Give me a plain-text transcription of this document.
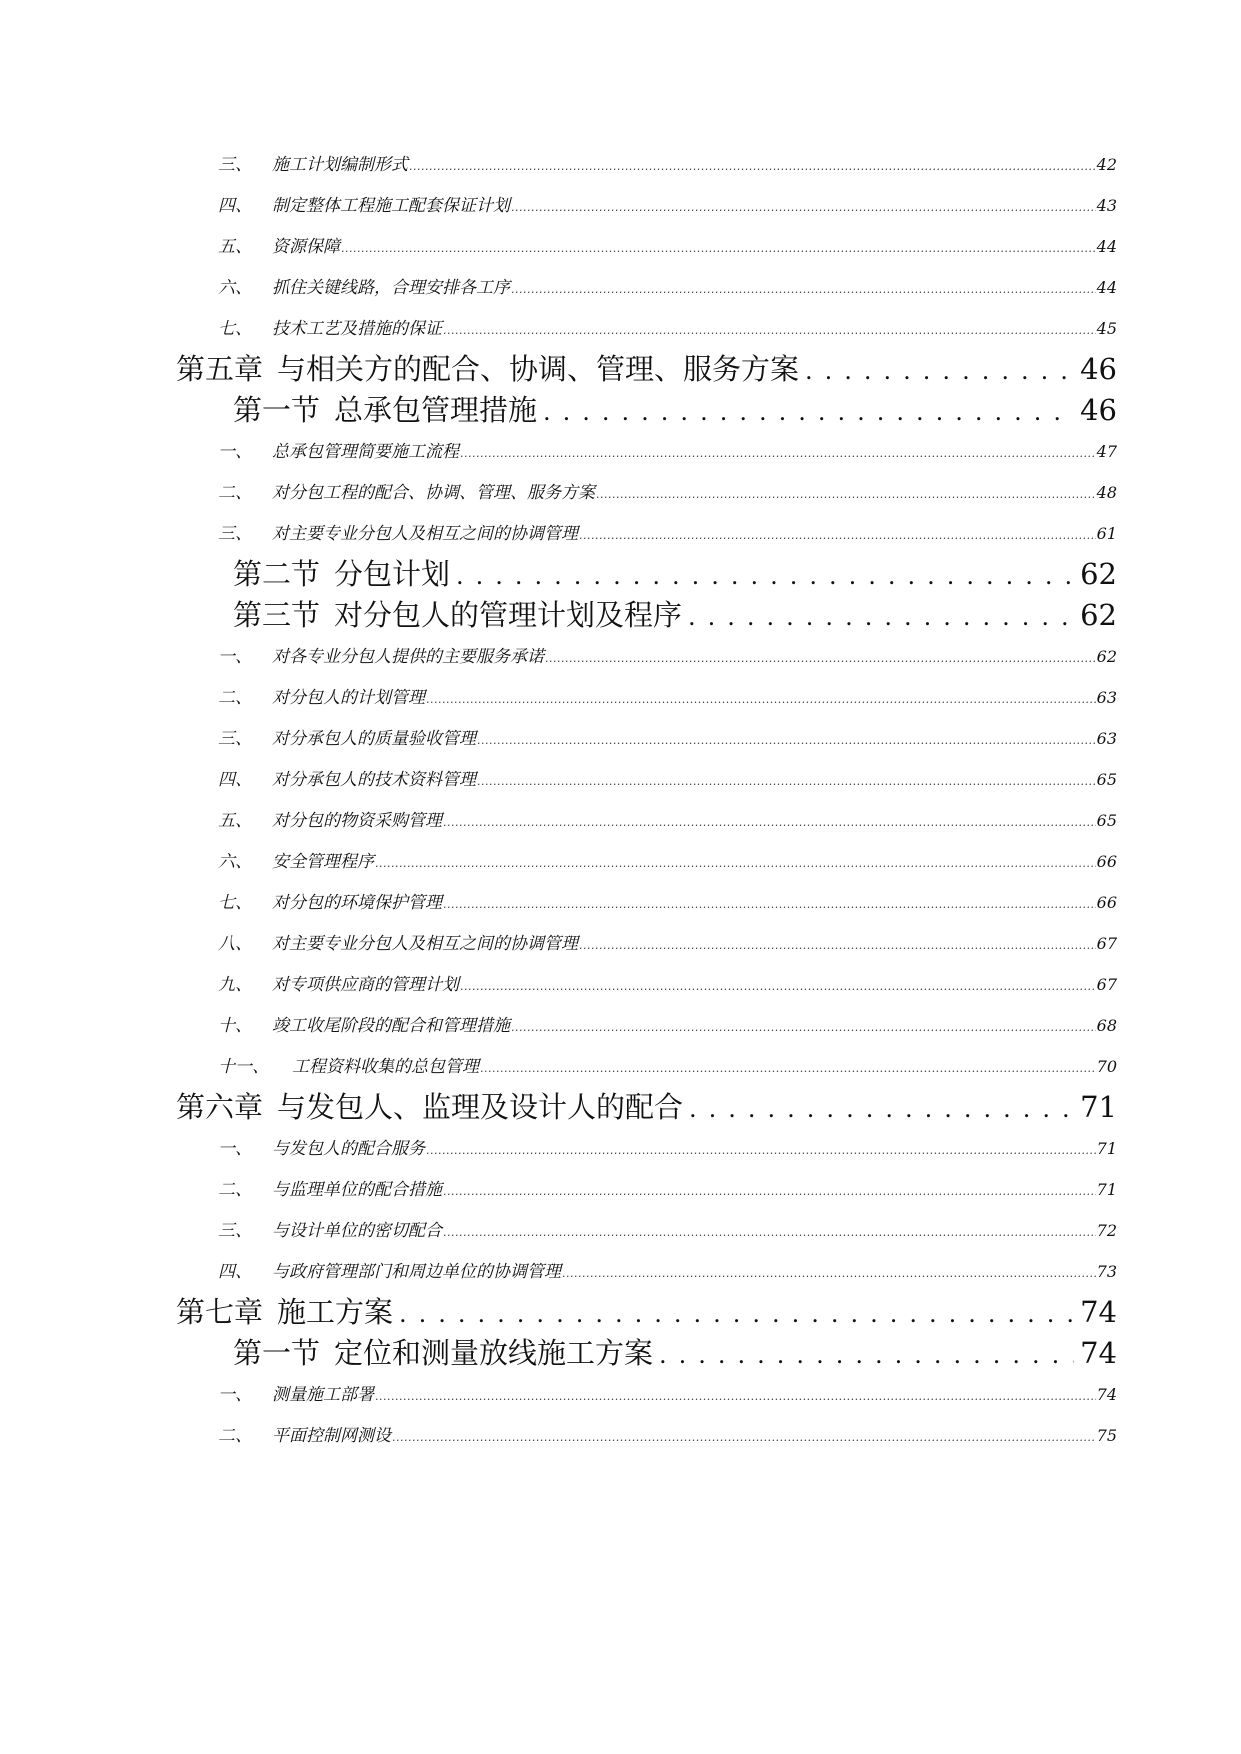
三、	施工计划编制形式 .....	42
四、	制定整体工程施工配套保证计划 .....	43
五、	资源保障 .....	44
六、	抓住关键线路，合理安排各工序 .....	44
七、	技术工艺及措施的保证 .....	45
第五章 与相关方的配合、协调、管理、服务方案 .....	46
第一节 总承包管理措施 .....	46
一、	总承包管理简要施工流程 .....	47
二、	对分包工程的配合、协调、管理、服务方案 .....	48
三、	对主要专业分包人及相互之间的协调管理 .....	61
第二节 分包计划 .....	62
第三节 对分包人的管理计划及程序 .....	62
一、	对各专业分包人提供的主要服务承诺 .....	62
二、	对分包人的计划管理 .....	63
三、	对分承包人的质量验收管理 .....	63
四、	对分承包人的技术资料管理 .....	65
五、	对分包的物资采购管理 .....	65
六、	安全管理程序 .....	66
七、	对分包的环境保护管理 .....	66
八、	对主要专业分包人及相互之间的协调管理 .....	67
九、	对专项供应商的管理计划 .....	67
十、	竣工收尾阶段的配合和管理措施 .....	68
十一、	工程资料收集的总包管理 .....	70
第六章 与发包人、监理及设计人的配合 .....	71
一、	与发包人的配合服务 .....	71
二、	与监理单位的配合措施 .....	71
三、	与设计单位的密切配合 .....	72
四、	与政府管理部门和周边单位的协调管理 .....	73
第七章 施工方案 .....	74
第一节 定位和测量放线施工方案 .....	74
一、	测量施工部署 .....	74
二、	平面控制网测设 .....	75
